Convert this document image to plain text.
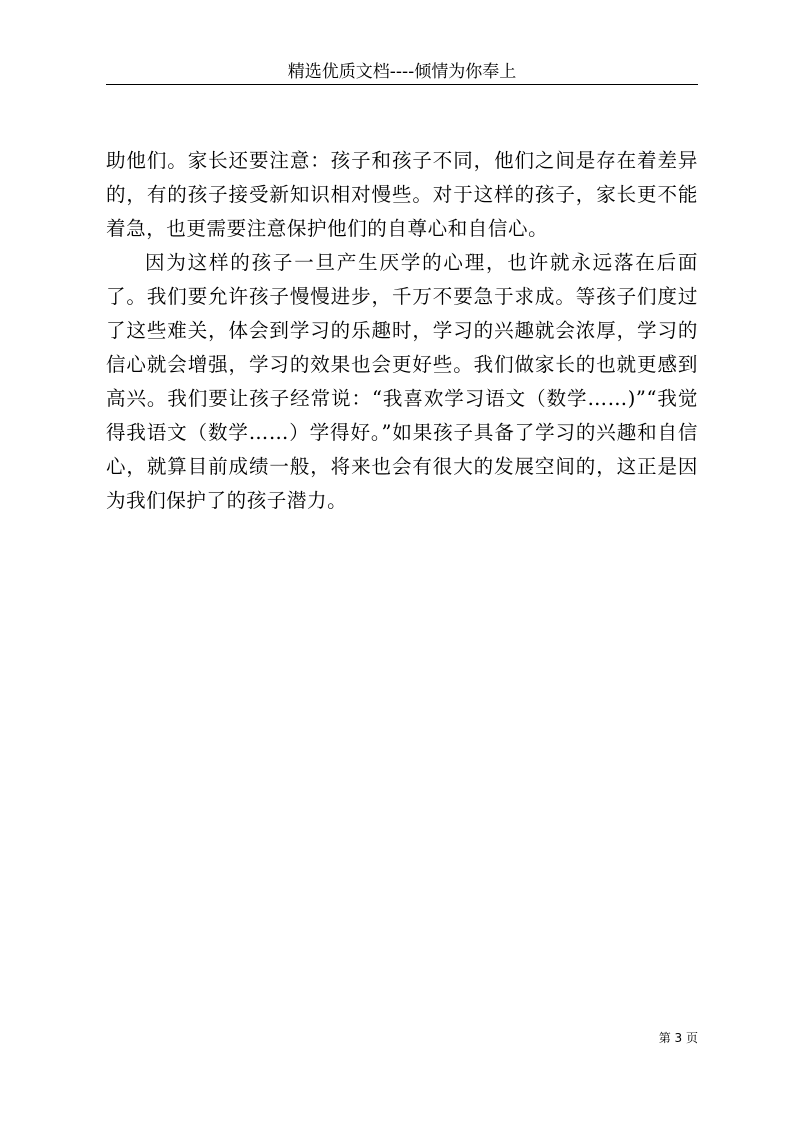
精选优质文档----倾情为你奉上

助他们。家长还要注意：孩子和孩子不同，他们之间是存在着差异的，有的孩子接受新知识相对慢些。对于这样的孩子，家长更不能着急，也更需要注意保护他们的自尊心和自信心。

因为这样的孩子一旦产生厌学的心理，也许就永远落在后面了。我们要允许孩子慢慢进步，千万不要急于求成。等孩子们度过了这些难关，体会到学习的乐趣时，学习的兴趣就会浓厚，学习的信心就会增强，学习的效果也会更好些。我们做家长的也就更感到高兴。我们要让孩子经常说：“我喜欢学习语文（数学……)”“我觉得我语文（数学……）学得好。”如果孩子具备了学习的兴趣和自信心，就算目前成绩一般，将来也会有很大的发展空间的，这正是因为我们保护了的孩子潜力。

第 3 页
